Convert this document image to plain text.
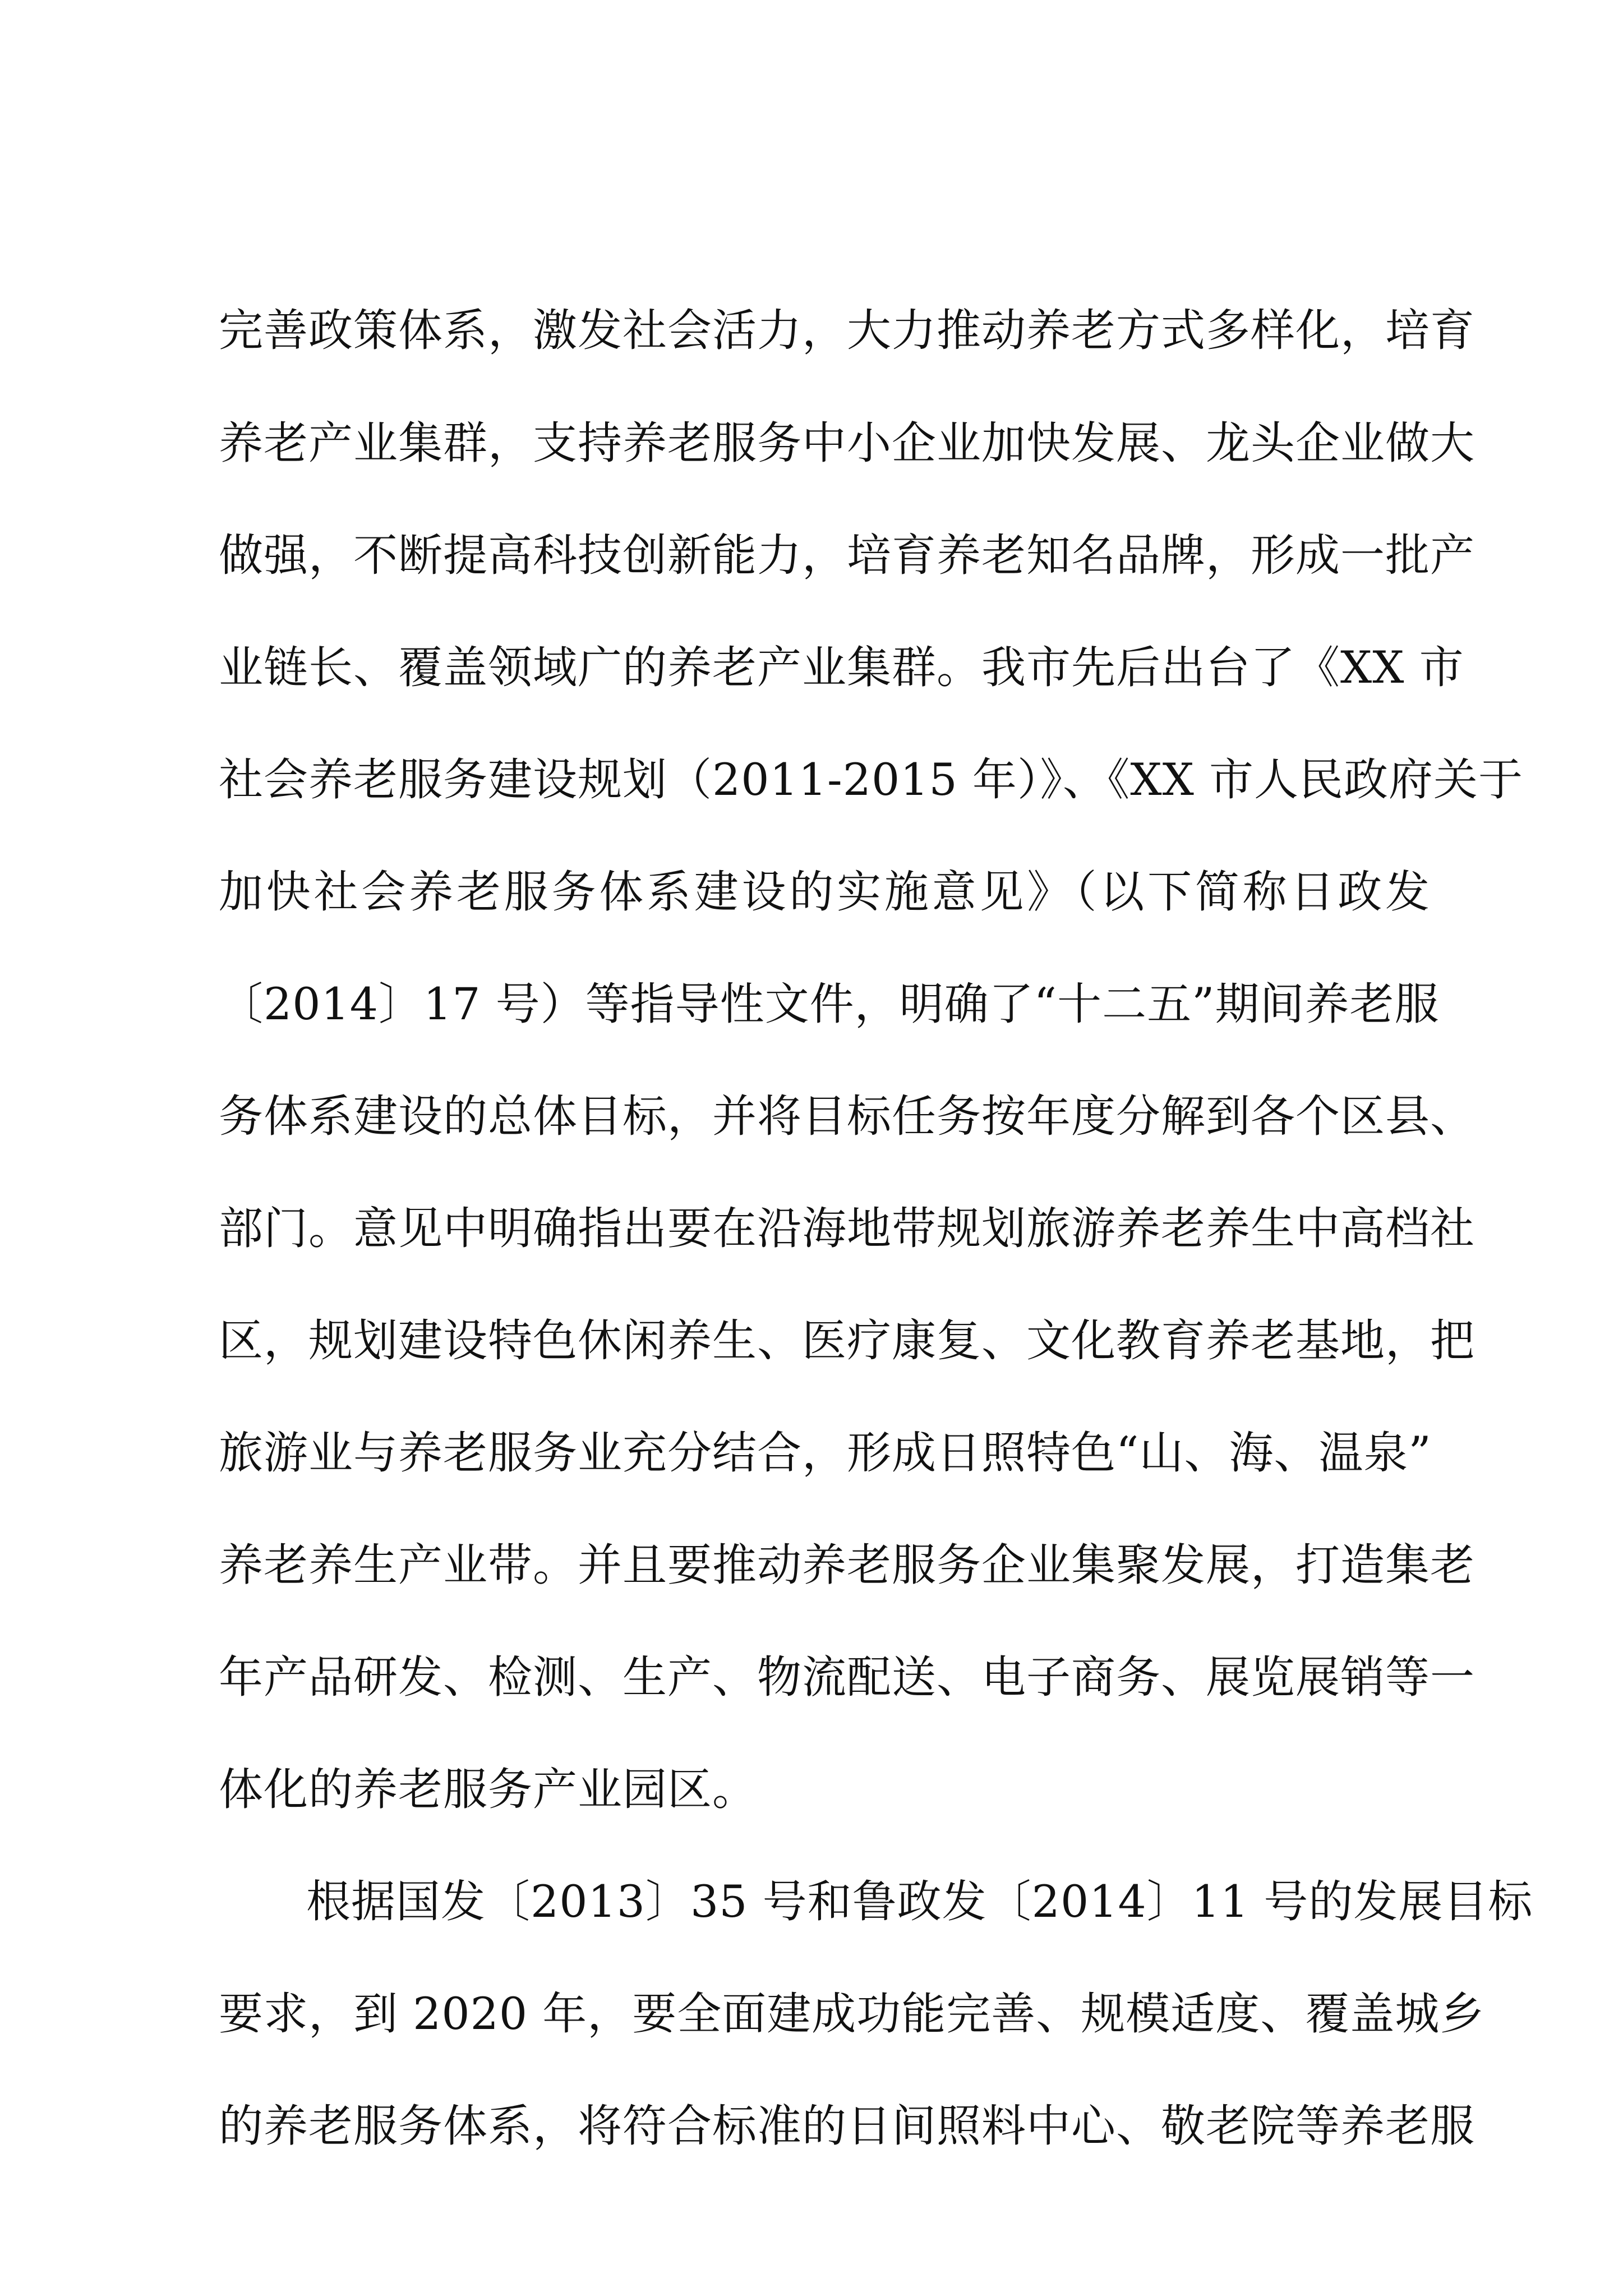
完善政策体系，激发社会活力，大力推动养老方式多样化，培育
养老产业集群，支持养老服务中小企业加快发展、龙头企业做大
做强，不断提高科技创新能力，培育养老知名品牌，形成一批产
业链长、覆盖领域广的养老产业集群。我市先后出台了《XX 市
社会养老服务建设规划（2011-2015 年）》、《XX 市人民政府关于
加快社会养老服务体系建设的实施意见》（以下简称日政发
〔2014〕17 号）等指导性文件，明确了“十二五”期间养老服
务体系建设的总体目标，并将目标任务按年度分解到各个区县、
部门。意见中明确指出要在沿海地带规划旅游养老养生中高档社
区，规划建设特色休闲养生、医疗康复、文化教育养老基地，把
旅游业与养老服务业充分结合，形成日照特色“山、海、温泉”
养老养生产业带。并且要推动养老服务企业集聚发展，打造集老
年产品研发、检测、生产、物流配送、电子商务、展览展销等一
体化的养老服务产业园区。
根据国发〔2013〕35 号和鲁政发〔2014〕11 号的发展目标
要求，到 2020 年，要全面建成功能完善、规模适度、覆盖城乡
的养老服务体系，将符合标准的日间照料中心、敬老院等养老服
